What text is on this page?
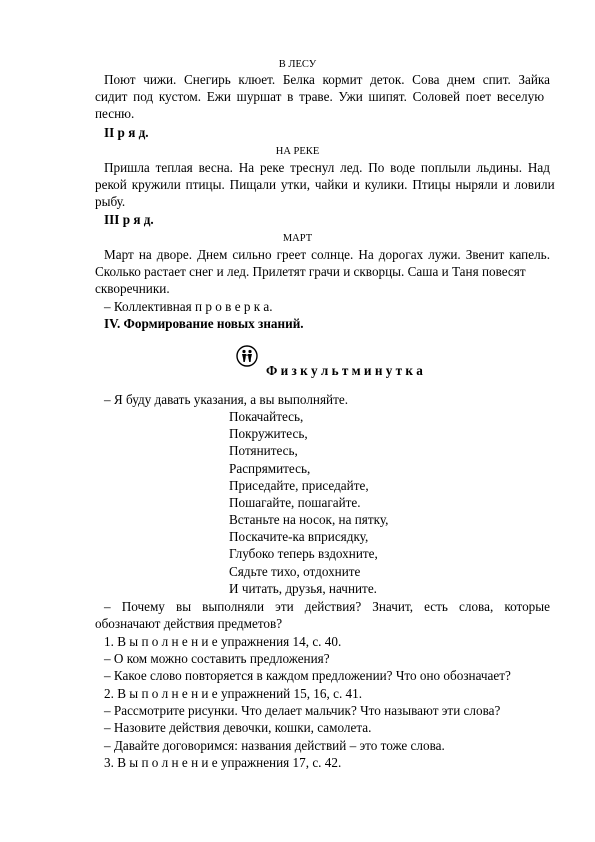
В ЛЕСУ
Поют чижи. Снегирь клюет. Белка кормит деток. Сова днем спит. Зайка
сидит под кустом. Ежи шуршат в траве. Ужи шипят. Соловей поет веселую
песню.
II р я д.
НА РЕКЕ
Пришла теплая весна. На реке треснул лед. По воде поплыли льдины. Над
рекой кружили птицы. Пищали утки, чайки и кулики. Птицы ныряли и ловили
рыбу.
III р я д.
МАРТ
Март на дворе. Днем сильно греет солнце. На дорогах лужи. Звенит капель.
Сколько растает снег и лед. Прилетят грачи и скворцы. Саша и Таня повесят
скворечники.
– Коллективная п р о в е р к а.
IV. Формирование новых знаний.
Ф и з к у л ь т м и н у т к а
– Я буду давать указания, а вы выполняйте.
Покачайтесь,
Покружитесь,
Потянитесь,
Распрямитесь,
Приседайте, приседайте,
Пошагайте, пошагайте.
Встаньте на носок, на пятку,
Поскачите-ка вприсядку,
Глубоко теперь вздохните,
Сядьте тихо, отдохните
И читать, друзья, начните.
– Почему вы выполняли эти действия? Значит, есть слова, которые
обозначают действия предметов?
1. В ы п о л н е н и е упражнения 14, с. 40.
– О ком можно составить предложения?
– Какое слово повторяется в каждом предложении? Что оно обозначает?
2. В ы п о л н е н и е упражнений 15, 16, с. 41.
– Рассмотрите рисунки. Что делает мальчик? Что называют эти слова?
– Назовите действия девочки, кошки, самолета.
– Давайте договоримся: названия действий – это тоже слова.
3. В ы п о л н е н и е упражнения 17, с. 42.
